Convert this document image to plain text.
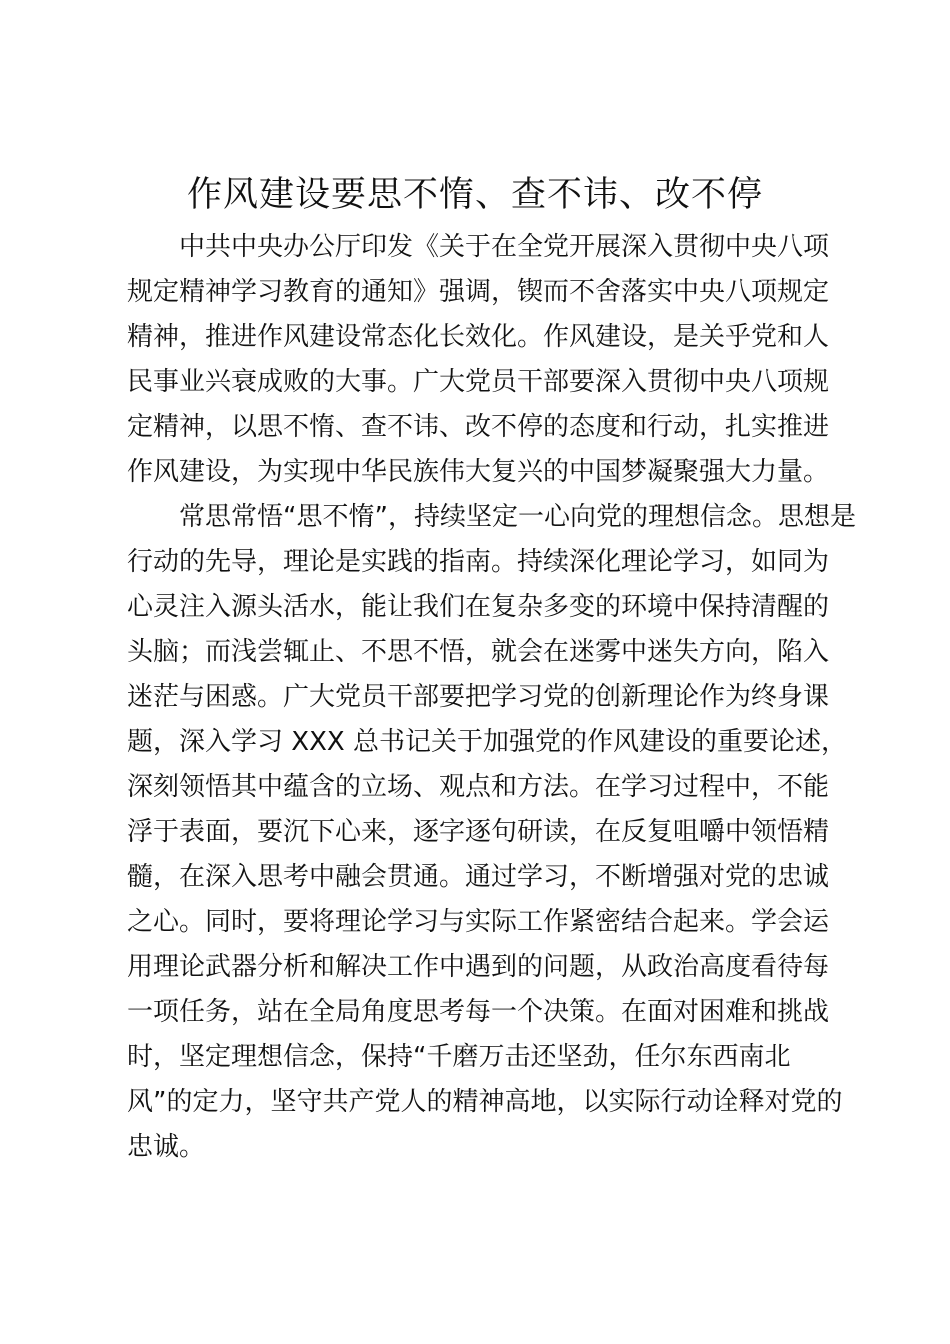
作风建设要思不惰、查不讳、改不停
中共中央办公厅印发《关于在全党开展深入贯彻中央八项
规定精神学习教育的通知》强调，锲而不舍落实中央八项规定
精神，推进作风建设常态化长效化。作风建设，是关乎党和人
民事业兴衰成败的大事。广大党员干部要深入贯彻中央八项规
定精神，以思不惰、查不讳、改不停的态度和行动，扎实推进
作风建设，为实现中华民族伟大复兴的中国梦凝聚强大力量。
常思常悟“思不惰”，持续坚定一心向党的理想信念。思想是
行动的先导，理论是实践的指南。持续深化理论学习，如同为
心灵注入源头活水，能让我们在复杂多变的环境中保持清醒的
头脑；而浅尝辄止、不思不悟，就会在迷雾中迷失方向，陷入
迷茫与困惑。广大党员干部要把学习党的创新理论作为终身课
题，深入学习 XXX 总书记关于加强党的作风建设的重要论述，
深刻领悟其中蕴含的立场、观点和方法。在学习过程中，不能
浮于表面，要沉下心来，逐字逐句研读，在反复咀嚼中领悟精
髓，在深入思考中融会贯通。通过学习，不断增强对党的忠诚
之心。同时，要将理论学习与实际工作紧密结合起来。学会运
用理论武器分析和解决工作中遇到的问题，从政治高度看待每
一项任务，站在全局角度思考每一个决策。在面对困难和挑战
时，坚定理想信念，保持“千磨万击还坚劲，任尔东西南北
风”的定力，坚守共产党人的精神高地，以实际行动诠释对党的
忠诚。
